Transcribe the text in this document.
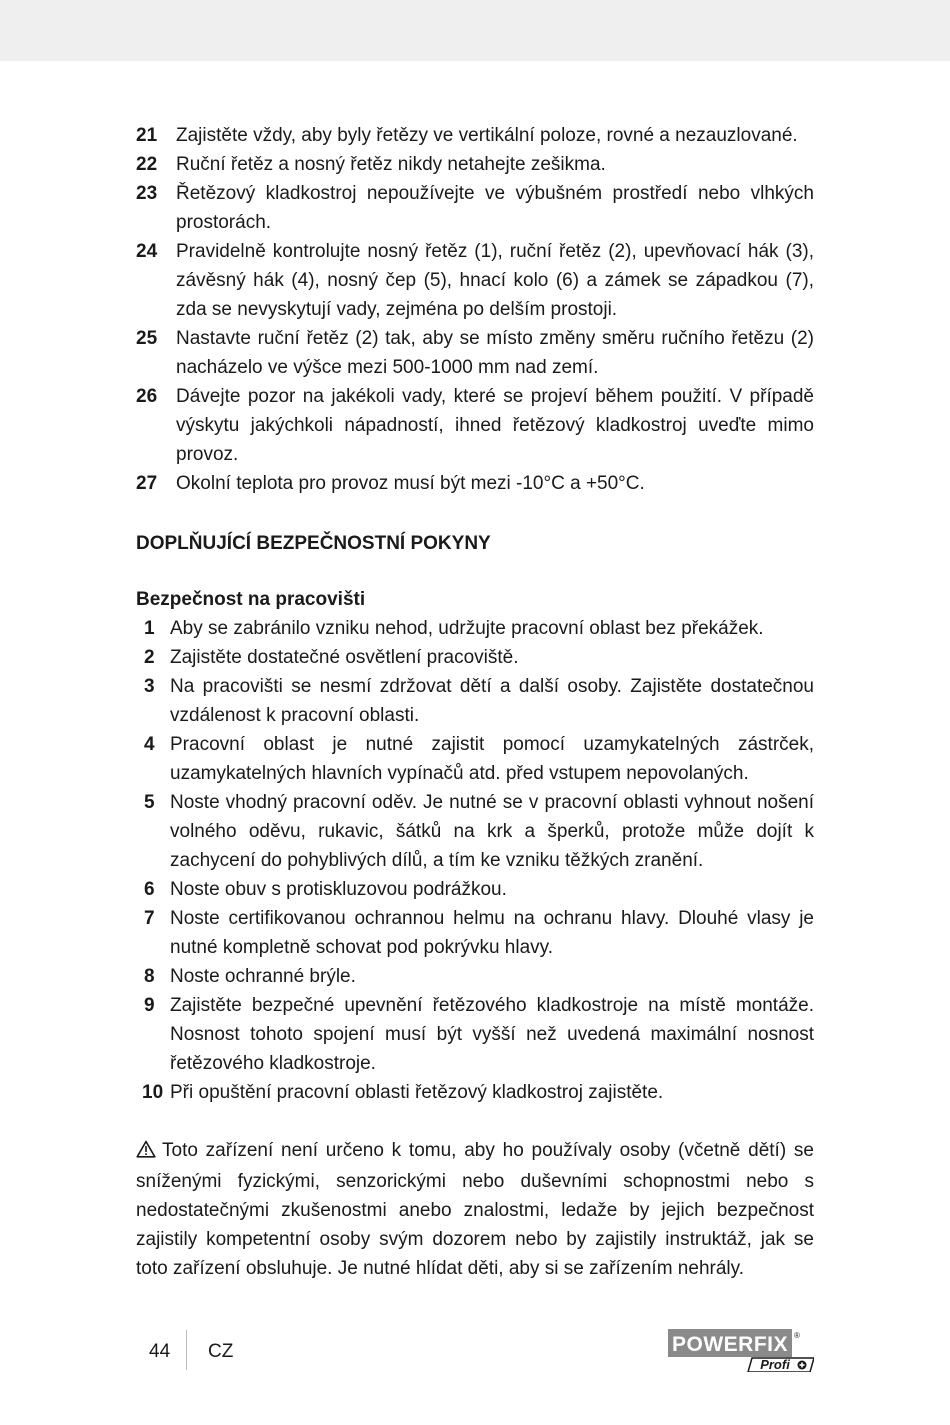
21 Zajistěte vždy, aby byly řetězy ve vertikální poloze, rovné a nezauzlované.
22 Ruční řetěz a nosný řetěz nikdy netahejte zešikma.
23 Řetězový kladkostroj nepoužívejte ve výbušném prostředí nebo vlhkých prostorách.
24 Pravidelně kontrolujte nosný řetěz (1), ruční řetěz (2), upevňovací hák (3), závěsný hák (4), nosný čep (5), hnací kolo (6) a zámek se západkou (7), zda se nevyskytují vady, zejména po delším prostoji.
25 Nastavte ruční řetěz (2) tak, aby se místo změny směru ručního řetězu (2) nacházelo ve výšce mezi 500-1000 mm nad zemí.
26 Dávejte pozor na jakékoli vady, které se projeví během použití. V případě výskytu jakýchkoli nápadností, ihned řetězový kladkostroj uveďte mimo provoz.
27 Okolní teplota pro provoz musí být mezi -10°C a +50°C.
DOPLŇUJÍCÍ BEZPEČNOSTNÍ POKYNY
Bezpečnost na pracovišti
1 Aby se zabránilo vzniku nehod, udržujte pracovní oblast bez překážek.
2 Zajistěte dostatečné osvětlení pracoviště.
3 Na pracovišti se nesmí zdržovat dětí a další osoby. Zajistěte dostatečnou vzdálenost k pracovní oblasti.
4 Pracovní oblast je nutné zajistit pomocí uzamykatelných zástrček, uzamykatelných hlavních vypínačů atd. před vstupem nepovolaných.
5 Noste vhodný pracovní oděv. Je nutné se v pracovní oblasti vyhnout nošení volného oděvu, rukavic, šátků na krk a šperků, protože může dojít k zachycení do pohyblivých dílů, a tím ke vzniku těžkých zranění.
6 Noste obuv s protiskluzovou podrážkou.
7 Noste certifikovanou ochrannou helmu na ochranu hlavy. Dlouhé vlasy je nutné kompletně schovat pod pokrývku hlavy.
8 Noste ochranné brýle.
9 Zajistěte bezpečné upevnění řetězového kladkostroje na místě montáže. Nosnost tohoto spojení musí být vyšší než uvedená maximální nosnost řetězového kladkostroje.
10 Při opuštění pracovní oblasti řetězový kladkostroj zajistěte.
Toto zařízení není určeno k tomu, aby ho používaly osoby (včetně dětí) se sníženými fyzickými, senzorickými nebo duševními schopnostmi nebo s nedostatečnými zkušenostmi anebo znalostmi, ledaže by jejich bezpečnost zajistily kompetentní osoby svým dozorem nebo by zajistily instruktáž, jak se toto zařízení obsluhuje. Je nutné hlídat děti, aby si se zařízením nehrály.
44 CZ	POWERFIX ®
Profi
